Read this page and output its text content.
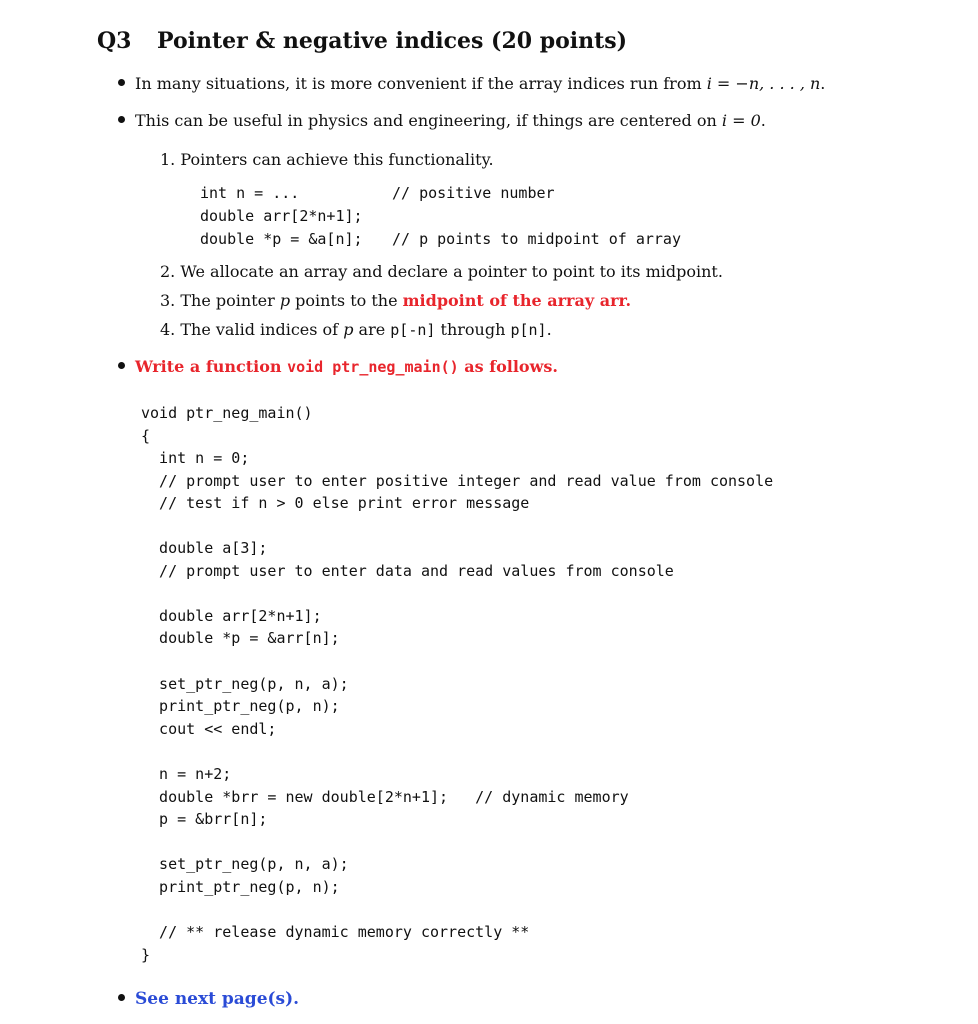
Q3 Pointer & negative indices (20 points)
In many situations, it is more convenient if the array indices run from i = −n, . . . , n.
This can be useful in physics and engineering, if things are centered on i = 0.
1. Pointers can achieve this functionality.
int n = ...	// positive number
double arr[2*n+1];
double *p = &a[n]; // p points to midpoint of array
2. We allocate an array and declare a pointer to point to its midpoint.
3. The pointer p points to the midpoint of the array arr.
4. The valid indices of p are p[-n] through p[n].
Write a function void ptr_neg_main() as follows.
void ptr_neg_main()
{
int n = 0;
// prompt user to enter positive integer and read value from console
// test if n > 0 else print error message
double a[3];
// prompt user to enter data and read values from console
double arr[2*n+1];
double *p = &arr[n];
set_ptr_neg(p, n, a);
print_ptr_neg(p, n);
cout << endl;
n = n+2;
double *brr = new double[2*n+1];   // dynamic memory
p = &brr[n];
set_ptr_neg(p, n, a);
print_ptr_neg(p, n);
// ** release dynamic memory correctly **
}
See next page(s).
